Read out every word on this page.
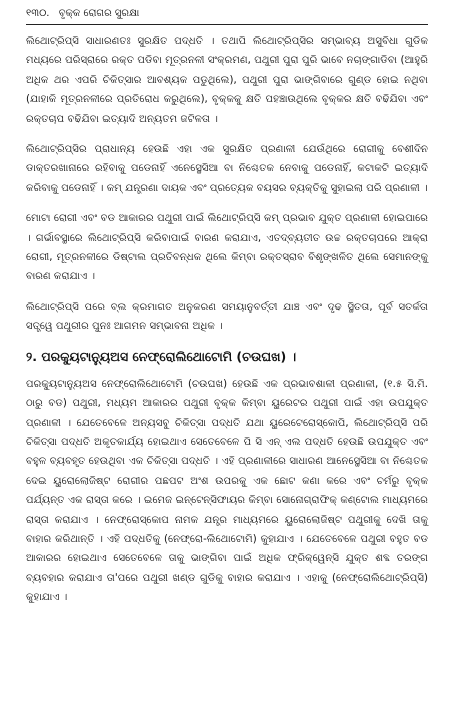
୧୩୦. ବୃକ୍କ ରୋଗର ସୁରକ୍ଷା

ଲିଥୋଟ୍ରିପ୍ସି ସାଧାରଣତଃ ସୁରକ୍ଷିତ ପଦ୍ଧତି । ତଥାପି ଲିଥୋଟ୍ରିପ୍ସିର ସମ୍ଭାବ୍ୟ ଅସୁବିଧା ଗୁଡିକ ମଧ୍ୟରେ ପରିସ୍ରାରେ ରକ୍ତ ପଡିବା ମୂତ୍ରନଳୀ ସଂକ୍ରମଣ, ପଥୁରୀ ପୁରା ପୁରି ଭାବେ ନଚାଙ୍ଗାଡିବା (ଆହୁରି ଅଧିକ ଥର ଏପରି ଚିକିତ୍ସାର ଆବଶ୍ୟକ ପଡୁଥିଲେ), ପଥୁରୀ ପୁରା ଭାଙ୍ଗିବାରେ ଗୁଣ୍ଡ ହୋଇ ନଥିବା (ଯାହାକି ମୂତ୍ରନଳୀରେ ପ୍ରତିରୋଧ କରୁଥିଲେ), ବୃକ୍କକୁ କ୍ଷତି ପହଞ୍ଚାଉଥିଲେ ବୃକ୍କର କ୍ଷତି ବଢିଯିବା ଏବଂ ରକ୍ତଚାପ ବଢିଯିବା ଇତ୍ୟାଦି ଅନ୍ୟତମ ଜଟିଳତା ।

ଲିଥୋଟ୍ରିପ୍ସିର ପ୍ରାଧାନ୍ୟ ହେଉଛି ଏହା ଏକ ସୁରକ୍ଷିତ ପ୍ରଣାଳୀ ଯେଉଁଥିରେ ରୋଗୀକୁ ବେଶୀଦିନ ଡାକ୍ତରଖାନାରେ ରହିବାକୁ ପଡେନାହିଁ ଏନେସ୍ଥେସିଆ ବା ନିଶ୍ଚେତକ ନେବାକୁ ପଡେନାହିଁ, କଟାକଟି ଇତ୍ୟାଦି କରିବାକୁ ପଡେନାହିଁ । କମ୍ ଯନ୍ତ୍ରଣା ଦାୟକ ଏବଂ ପ୍ରତ୍ୟେକ ବୟସର ବ୍ୟକ୍ତିକୁ ସୁହାଇଲା ପରି ପ୍ରଣାଳୀ ।

ମୋଟା ରୋଗୀ ଏବଂ ବଡ ଆକାରର ପଥୁରୀ ପାଇଁ ଲିଥୋଟ୍ରିପ୍ସି କମ୍ ପ୍ରଭାବ ଯୁକ୍ତ ପ୍ରଣାଳୀ ହୋଇପାରେ । ଗର୍ଭାବସ୍ଥାରେ ଲିଥୋଟ୍ରିପ୍ସି କରିବାପାଇଁ ବାରଣ କରାଯାଏ, ଏତଦ୍ବ୍ୟତୀତ ଉଚ୍ଚ ରକ୍ତଚାପରେ ଆକ୍ରା ରୋଗୀ, ମୂତ୍ରନଳୀରେ ଡିଷ୍ଟାଲ ପ୍ରତିବନ୍ଧକ ଥିଲେ କିମ୍ବା ରକ୍ତସ୍ରାବ ବିଶୃଙ୍ଖଳିତ ଥିଲେ ସେମାନଙ୍କୁ ବାରଣ କରାଯାଏ ।

ଲିଥୋଟ୍ରିପ୍ସି ପରେ ବ୍ଲ କ୍ରମାଗତ ଅନୁକରଣ ସମୟାନୁବର୍ତ୍ତୀ ଯାଞ୍ଚ ଏବଂ ଦୃଢ ସ୍ଥିତତା, ପୂର୍ବ ସତର୍କତା ସତ୍ତ୍ୱେ ପଥୁରୀର ପୁନଃ ଆଗମନ ସମ୍ଭାବନା ଅଧିକ ।

୨. ପରକ୍ୟୁଟାନ୍ୟୁଅସ ନେଫ୍ରୋଲିଥୋଟୋମି (ଚଉଘଖ) ।

ପରକ୍ୟୁଟାନ୍ୟୁଅସ ନେଫ୍ରୋଲିଥୋଟୋମି (ଚଉଘଖ) ହେଉଛି ଏକ ପ୍ରଭାବଶାଳୀ ପ୍ରଣାଳୀ, (୧.୫ ସି.ମି. ଠାରୁ ବଡ) ପଥୁରୀ, ମଧ୍ୟମ ଆକାରର ପଥୁରୀ ବୃକ୍କ କିମ୍ବା ୟୁରେଟର ପଥୁରୀ ପାଇଁ ଏହା ଉପଯୁକ୍ତ ପ୍ରଣାଳୀ । ଯେତେବେଳେ ଅନ୍ୟସବୁ ଚିକିତ୍ସା ପଦ୍ଧତି ଯଥା ୟୁରେଟେରୋସ୍କୋପି, ଲିଥୋଟ୍ରିପ୍ସି ପରି ଚିକିତ୍ସା ପଦ୍ଧତି ଅକୃତକାର୍ଯ୍ୟ ହୋଇଥାଏ ସେତେବେଳେ ପି ସି ଏନ୍ ଏଲ ପଦ୍ଧତି ହେଉଛି ଉପଯୁକ୍ତ ଏବଂ ବହୁଳ ବ୍ୟବହୃତ ହେଉଥିବା ଏକ ଚିକିତ୍ସା ପଦ୍ଧତି । ଏହି ପ୍ରଣାଳୀରେ ସାଧାରଣ ଆନେସ୍ଥେସିଆ ବା ନିଶ୍ଚେତକ ଦେଇ ୟୁରୋଲୋଜିଷ୍ଟ ରୋଗୀର ପଛପଟ ଅଂଶ ଉପରକୁ ଏକ ଛୋଟ କଣା କରେ ଏବଂ ଚର୍ମରୁ ବୃକ୍କ ପର୍ଯ୍ୟନ୍ତ ଏକ ରାସ୍ତା କରେ । ଇମେଜ ଇନ୍ଟେନ୍ସିଫାୟର କିମ୍ବା ସୋନୋଗ୍ରାଫିକ୍ କଣ୍ଟୋଲ ମାଧ୍ୟମରେ ରାସ୍ତା କରାଯାଏ । ନେଫ୍ରୋସ୍କୋପ ନାମକ ଯନ୍ତ୍ର ମାଧ୍ୟମରେ ୟୁରୋଲୋଜିଷ୍ଟ ପଥୁରୀକୁ ଦେଖି ତାକୁ ବାହାର କରିଥାନ୍ତି । ଏହି ପଦ୍ଧତିକୁ (ନେଫ୍ରୋ-ଲିଥୋଟୋମି) କୁହାଯାଏ । ଯେତେବେଳେ ପଥୁରୀ ବହୁତ ବଡ ଆକାରର ହୋଇଥାଏ ସେତେବେଳେ ତାକୁ ଭାଙ୍ଗିବା ପାଇଁ ଅଧିକ ଫ୍ରିକ୍ୱେନ୍ସି ଯୁକ୍ତ ଶବ୍ଦ ତରଙ୍ଗ ବ୍ୟବହାର କରାଯାଏ ତା'ପରେ ପଥୁରୀ ଖଣ୍ଡ ଗୁଡିକୁ ବାହାର କରାଯାଏ । ଏହାକୁ (ନେଫ୍ରୋଲିଥୋଟ୍ରିପ୍ସି) କୁହାଯାଏ ।
